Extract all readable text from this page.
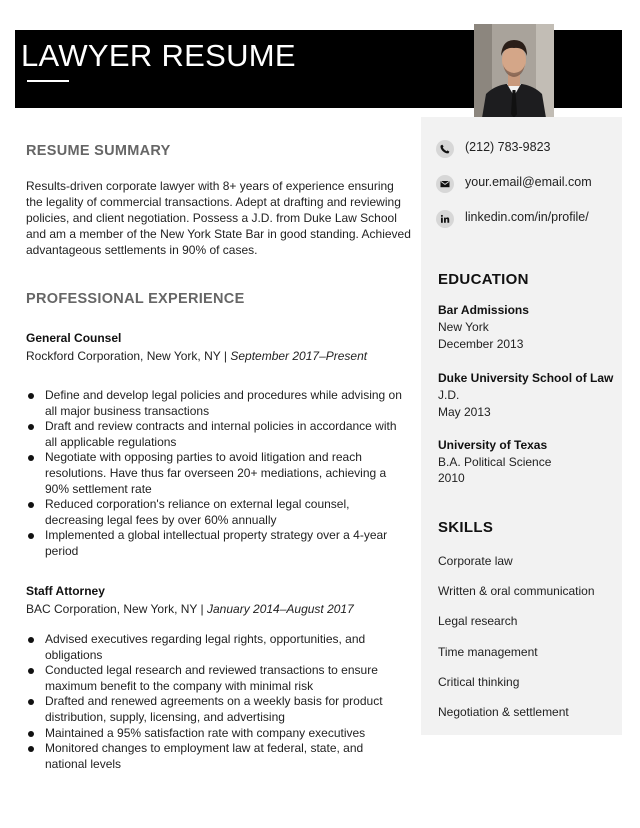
LAWYER RESUME
(212) 783-9823
your.email@email.com
linkedin.com/in/profile/
EDUCATION
Bar Admissions
New York
December 2013
Duke University School of Law
J.D.
May 2013
University of Texas
B.A. Political Science
2010
SKILLS
Corporate law
Written & oral communication
Legal research
Time management
Critical thinking
Negotiation & settlement
RESUME SUMMARY

Results-driven corporate lawyer with 8+ years of experience ensuring the legality of commercial transactions. Adept at drafting and reviewing policies, and client negotiation. Possess a J.D. from Duke Law School and am a member of the New York State Bar in good standing. Achieved advantageous settlements in 90% of cases.

PROFESSIONAL EXPERIENCE
General Counsel
Rockford Corporation, New York, NY | September 2017–Present
Define and develop legal policies and procedures while advising on all major business transactions
Draft and review contracts and internal policies in accordance with all applicable regulations
Negotiate with opposing parties to avoid litigation and reach resolutions. Have thus far overseen 20+ mediations, achieving a 90% settlement rate
Reduced corporation's reliance on external legal counsel, decreasing legal fees by over 60% annually
Implemented a global intellectual property strategy over a 4-year period
Staff Attorney
BAC Corporation, New York, NY | January 2014–August 2017
Advised executives regarding legal rights, opportunities, and obligations
Conducted legal research and reviewed transactions to ensure maximum benefit to the company with minimal risk
Drafted and renewed agreements on a weekly basis for product distribution, supply, licensing, and advertising
Maintained a 95% satisfaction rate with company executives
Monitored changes to employment law at federal, state, and national levels
